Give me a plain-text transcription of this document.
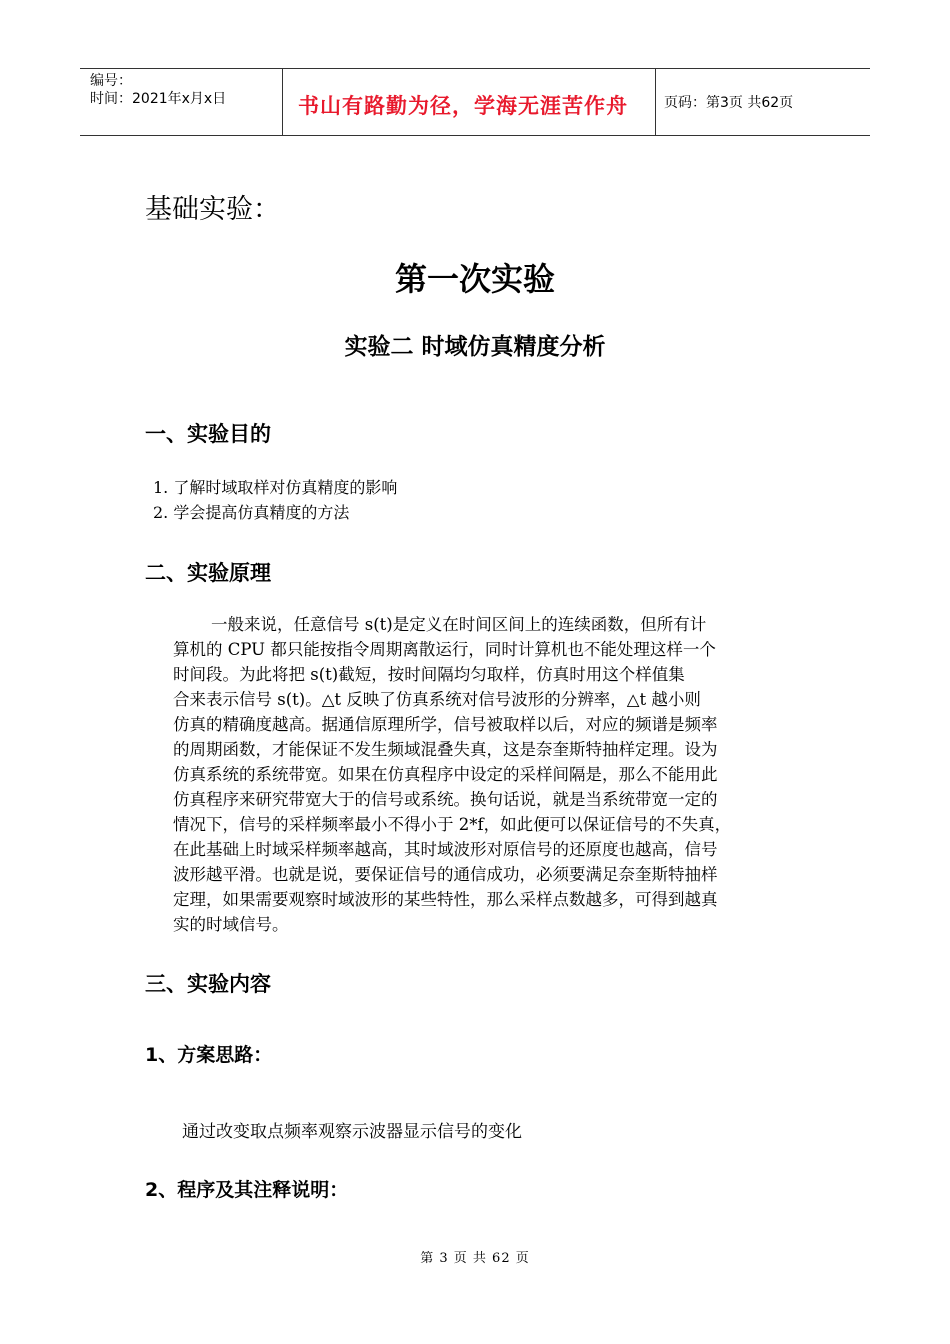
编号：
时间：2021年x月x日	书山有路勤为径，学海无涯苦作舟	页码：第3页 共62页
基础实验：
第一次实验
实验二 时域仿真精度分析
一、实验目的
1. 了解时域取样对仿真精度的影响
2. 学会提高仿真精度的方法
二、实验原理
一般来说，任意信号 s(t)是定义在时间区间上的连续函数，但所有计
算机的 CPU 都只能按指令周期离散运行，同时计算机也不能处理这样一个
时间段。为此将把 s(t)截短，按时间隔均匀取样，仿真时用这个样值集
合来表示信号 s(t)。△t 反映了仿真系统对信号波形的分辨率，△t 越小则
仿真的精确度越高。据通信原理所学，信号被取样以后，对应的频谱是频率
的周期函数，才能保证不发生频域混叠失真，这是奈奎斯特抽样定理。设为
仿真系统的系统带宽。如果在仿真程序中设定的采样间隔是，那么不能用此
仿真程序来研究带宽大于的信号或系统。换句话说，就是当系统带宽一定的
情况下，信号的采样频率最小不得小于 2*f，如此便可以保证信号的不失真，
在此基础上时域采样频率越高，其时域波形对原信号的还原度也越高，信号
波形越平滑。也就是说，要保证信号的通信成功，必须要满足奈奎斯特抽样
定理，如果需要观察时域波形的某些特性，那么采样点数越多，可得到越真
实的时域信号。
三、实验内容
1、方案思路：
通过改变取点频率观察示波器显示信号的变化
2、程序及其注释说明：
第 3 页 共 62 页
